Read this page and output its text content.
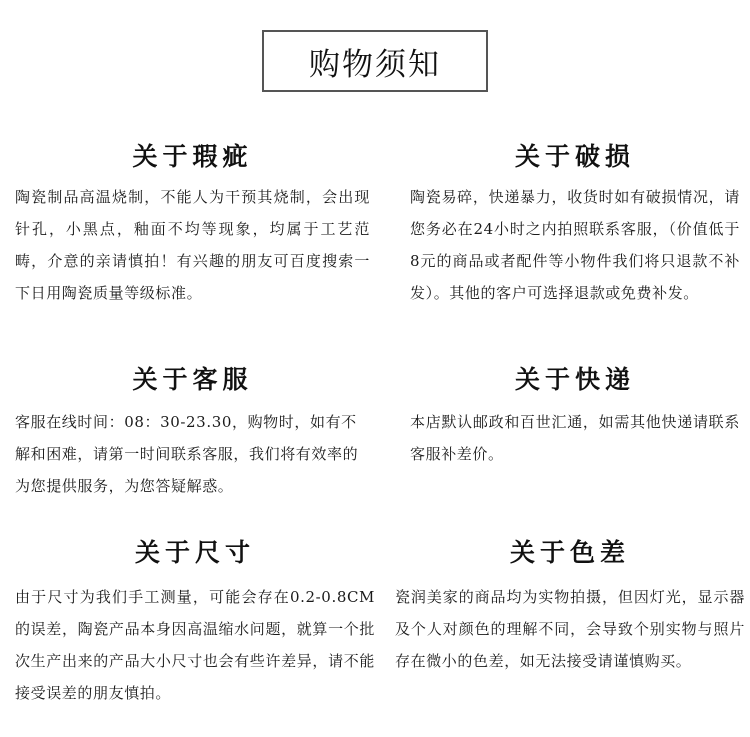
购物须知
关于瑕疵
陶瓷制品高温烧制，不能人为干预其烧制，会出现针孔，小黑点，釉面不均等现象，均属于工艺范畴，介意的亲请慎拍！有兴趣的朋友可百度搜索一下日用陶瓷质量等级标准。
关于破损
陶瓷易碎，快递暴力，收货时如有破损情况，请您务必在24小时之内拍照联系客服，（价值低于8元的商品或者配件等小物件我们将只退款不补发）。其他的客户可选择退款或免费补发。
关于客服
客服在线时间：08：30-23.30，购物时，如有不解和困难，请第一时间联系客服，我们将有效率的为您提供服务，为您答疑解惑。
关于快递
本店默认邮政和百世汇通，如需其他快递请联系客服补差价。
关于尺寸
由于尺寸为我们手工测量，可能会存在0.2-0.8CM的误差，陶瓷产品本身因高温缩水问题，就算一个批次生产出来的产品大小尺寸也会有些许差异，请不能接受误差的朋友慎拍。
关于色差
瓷润美家的商品均为实物拍摄，但因灯光，显示器及个人对颜色的理解不同，会导致个别实物与照片存在微小的色差，如无法接受请谨慎购买。
